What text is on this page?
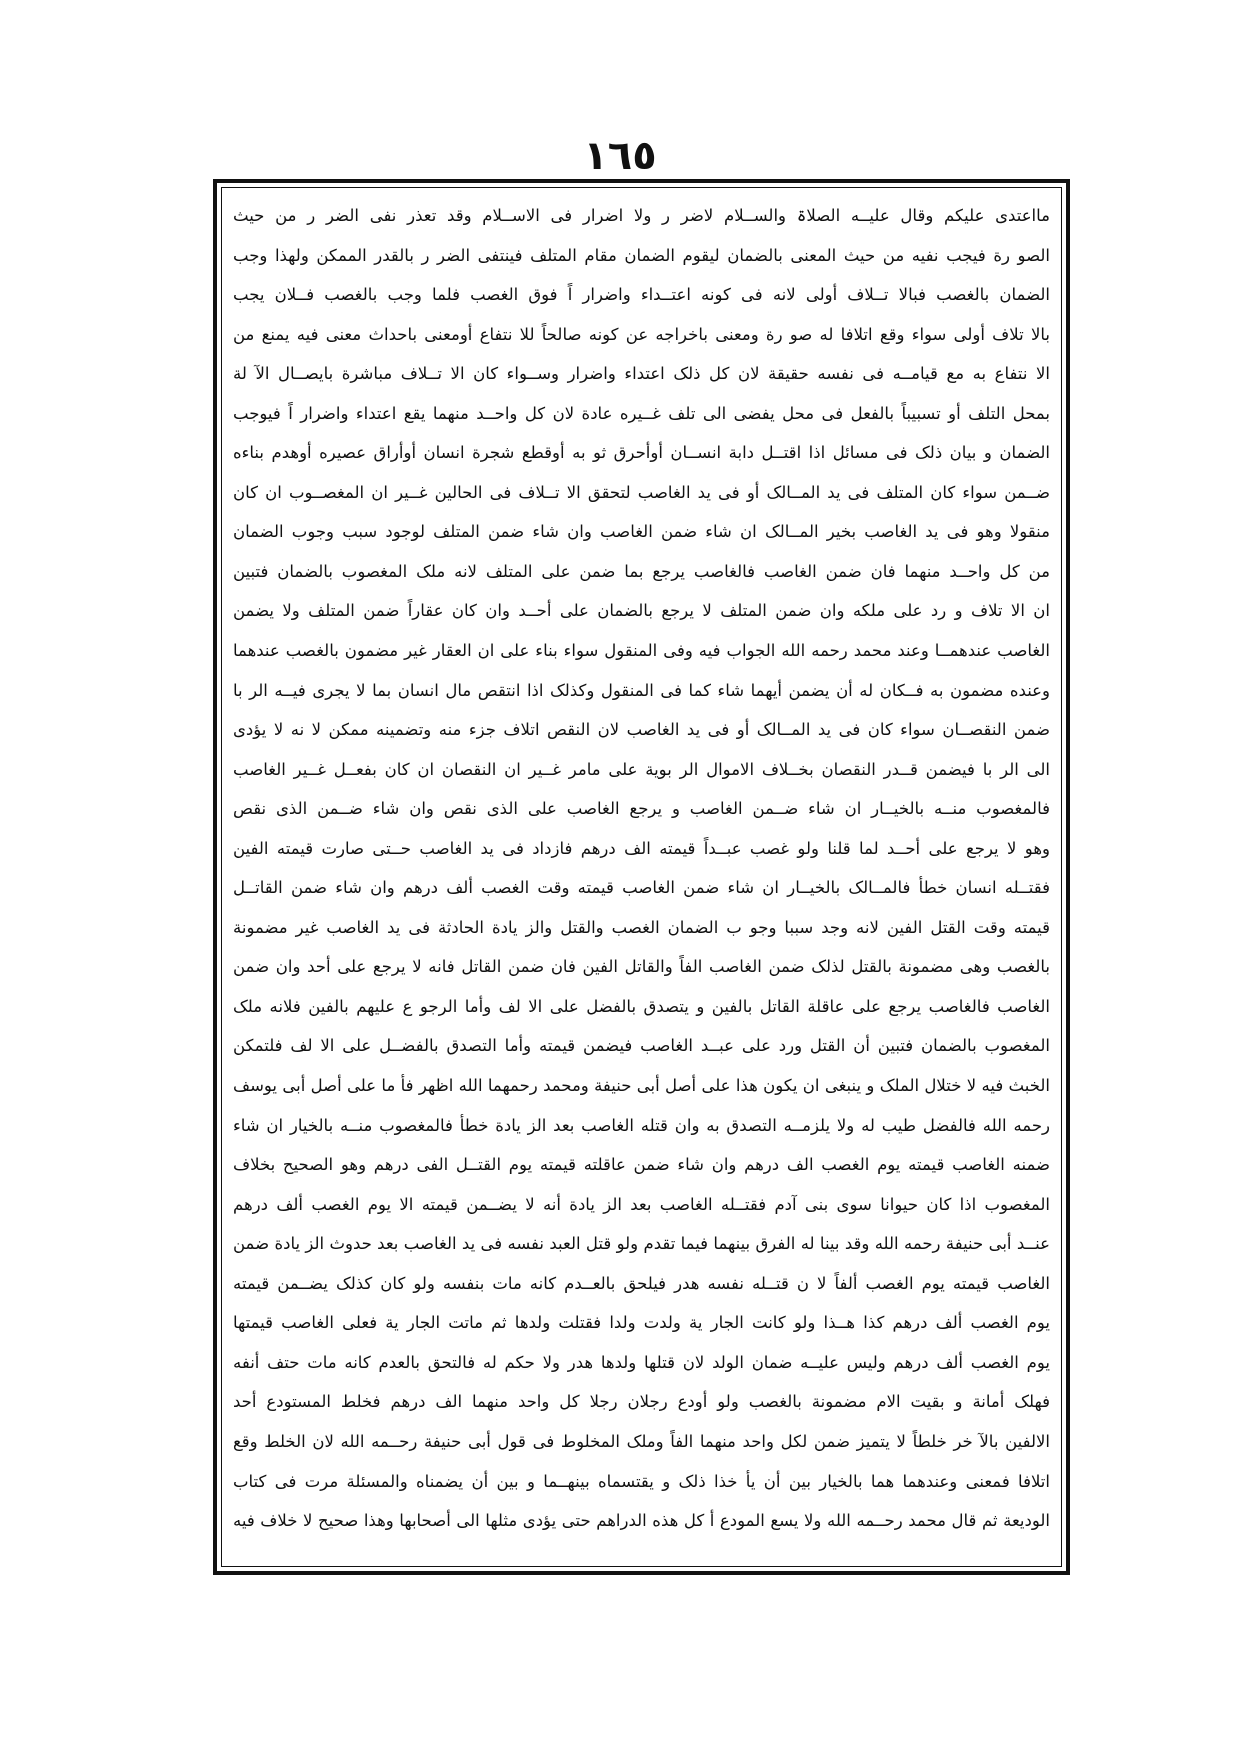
١٦٥
مااعتدی علیکم وقال علیــه الصلاۃ والســلام لاضر ر ولا اضرار فی الاســلام وقد تعذر نفی الضر ر من حیث
الصو رة فیجب نفیه من حیث المعنی بالضمان لیقوم الضمان مقام المتلف فینتفی الضر ر بالقدر الممکن ولهذا وجب
الضمان بالغصب فبالا تــلاف أولی لانه فی کونه اعتــداء واضرار اً فوق الغصب فلما وجب بالغصب فــلان یجب
بالا تلاف أولی سواء وقع اتلافا له صو رة ومعنی باخراجه عن کونه صالحاً للا نتفاع أومعنی باحداث معنی فیه یمنع من
الا نتفاع به مع قیامــه فی نفسه حقیقة لان کل ذلک اعتداء واضرار وســواء کان الا تــلاف مباشرة بایصــال الآ لة
بمحل التلف أو تسبیباً بالفعل فی محل یفضی الی تلف غــیره عادة لان کل واحــد منهما یقع اعتداء واضرار اً فیوجب
الضمان و بیان ذلک فی مسائل اذا اقتــل دابة انســان أوأحرق ثو به أوقطع شجرة انسان أوأراق عصیره أوهدم بناءه
ضــمن سواء کان المتلف فی ید المــالک أو فی ید الغاصب لتحقق الا تــلاف فی الحالین غــیر ان المغصــوب ان کان
منقولا وهو فی ید الغاصب بخیر المــالک ان شاء ضمن الغاصب وان شاء ضمن المتلف لوجود سبب وجوب الضمان
من کل واحــد منهما فان ضمن الغاصب فالغاصب یرجع بما ضمن علی المتلف لانه ملک المغصوب بالضمان فتبین
ان الا تلاف و رد علی ملکه وان ضمن المتلف لا یرجع بالضمان علی أحــد وان کان عقاراً ضمن المتلف ولا یضمن
الغاصب عندهمــا وعند محمد رحمه الله الجواب فیه وفی المنقول سواء بناء علی ان العقار غیر مضمون بالغصب عندهما
وعنده مضمون به فــکان له أن یضمن أیهما شاء کما فی المنقول وکذلک اذا انتقص مال انسان بما لا یجری فیــه الر با
ضمن النقصــان سواء کان فی ید المــالک أو فی ید الغاصب لان النقص اتلاف جزء منه وتضمینه ممکن لا نه لا یؤدی
الی الر با فیضمن قــدر النقصان بخــلاف الاموال الر بویة علی مامر غــیر ان النقصان ان کان بفعــل غــیر الغاصب
فالمغصوب منــه بالخیــار ان شاء ضــمن الغاصب و یرجع الغاصب علی الذی نقص وان شاء ضــمن الذی نقص
وهو لا یرجع علی أحــد لما قلنا ولو غصب عبــداً قیمته الف درهم فازداد فی ید الغاصب حــتی صارت قیمته الفین
فقتــله انسان خطأ فالمــالک بالخیــار ان شاء ضمن الغاصب قیمته وقت الغصب ألف درهم وان شاء ضمن القاتــل
قیمته وقت القتل الفین لانه وجد سببا وجو ب الضمان الغصب والقتل والز یادة الحادثة فی ید الغاصب غیر مضمونة
بالغصب وهی مضمونة بالقتل لذلک ضمن الغاصب الفاً والقاتل الفین فان ضمن القاتل فانه لا یرجع علی أحد وان ضمن
الغاصب فالغاصب یرجع علی عاقلة القاتل بالفین و یتصدق بالفضل علی الا لف وأما الرجو ع علیهم بالفین فلانه ملک
المغصوب بالضمان فتبین أن القتل ورد علی عبــد الغاصب فیضمن قیمته وأما التصدق بالفضــل علی الا لف فلتمکن
الخبث فیه لا ختلال الملک و ینبغی ان یکون هذا علی أصل أبی حنیفة ومحمد رحمهما الله اظهر فأ ما علی أصل أبی یوسف
رحمه الله فالفضل طیب له ولا یلزمــه التصدق به وان قتله الغاصب بعد الز یادة خطأ فالمغصوب منــه بالخیار ان شاء
ضمنه الغاصب قیمته یوم الغصب الف درهم وان شاء ضمن عاقلته قیمته یوم القتــل الفی درهم وهو الصحیح بخلاف
المغصوب اذا کان حیوانا سوی بنی آدم فقتــله الغاصب بعد الز یادة أنه لا یضــمن قیمته الا یوم الغصب ألف درهم
عنــد أبی حنیفة رحمه الله وقد بینا له الفرق بینهما فیما تقدم ولو قتل العبد نفسه فی ید الغاصب بعد حدوث الز یادة ضمن
الغاصب قیمته یوم الغصب ألفاً لا ن قتــله نفسه هدر فیلحق بالعــدم کانه مات بنفسه ولو کان کذلک یضــمن قیمته
یوم الغصب ألف درهم کذا هــذا ولو کانت الجار یة ولدت ولدا فقتلت ولدها ثم ماتت الجار یة فعلی الغاصب قیمتها
یوم الغصب ألف درهم ولیس علیــه ضمان الولد لان قتلها ولدها هدر ولا حکم له فالتحق بالعدم کانه مات حتف أنفه
فهلک أمانة و بقیت الام مضمونة بالغصب ولو أودع رجلان رجلا کل واحد منهما الف درهم فخلط المستودع أحد
الالفین بالآ خر خلطاً لا یتمیز ضمن لکل واحد منهما الفاً وملک المخلوط فی قول أبی حنیفة رحــمه الله لان الخلط وقع
اتلافا فمعنی وعندهما هما بالخیار بین أن یأ خذا ذلک و یقتسماه بینهــما و بین أن یضمناه والمسئلة مرت فی کتاب
الودیعة ثم قال محمد رحــمه الله ولا یسع المودع أ کل هذه الدراهم حتی یؤدی مثلها الی أصحابها وهذا صحیح لا خلاف فیه
